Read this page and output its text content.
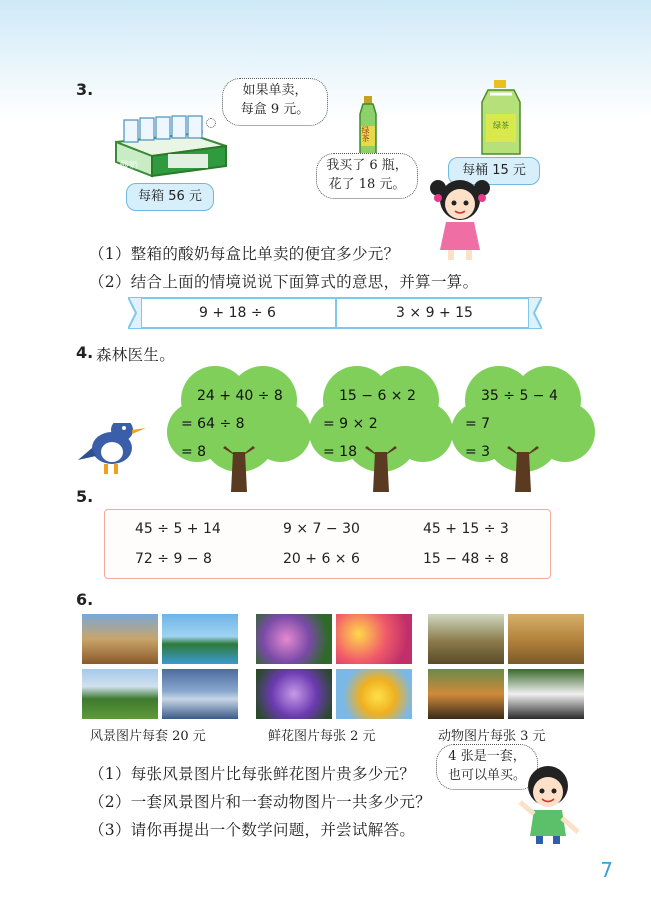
3.	如果单卖，
每盒 9 元。
酸奶
每箱 56 元
绿茶
绿茶
每桶 15 元
我买了 6 瓶，
花了 18 元。
（1）整箱的酸奶每盒比单卖的便宜多少元？
（2）结合上面的情境说说下面算式的意思，并算一算。
9 + 18 ÷ 6	3 × 9 + 15
4. 森林医生。
24 + 40 ÷ 8
= 64 ÷ 8
= 8
15 − 6 × 2
= 9 × 2
= 18
35 ÷ 5 − 4
= 7
= 3
5.
45 ÷ 5 + 14	9 × 7 − 30	45 + 15 ÷ 3
72 ÷ 9 − 8	20 + 6 × 6	15 − 48 ÷ 8
6.
风景图片每套 20 元	鲜花图片每张 2 元	动物图片每张 3 元
4 张是一套，
也可以单买。
（1）每张风景图片比每张鲜花图片贵多少元？
（2）一套风景图片和一套动物图片一共多少元？
（3）请你再提出一个数学问题，并尝试解答。
7
